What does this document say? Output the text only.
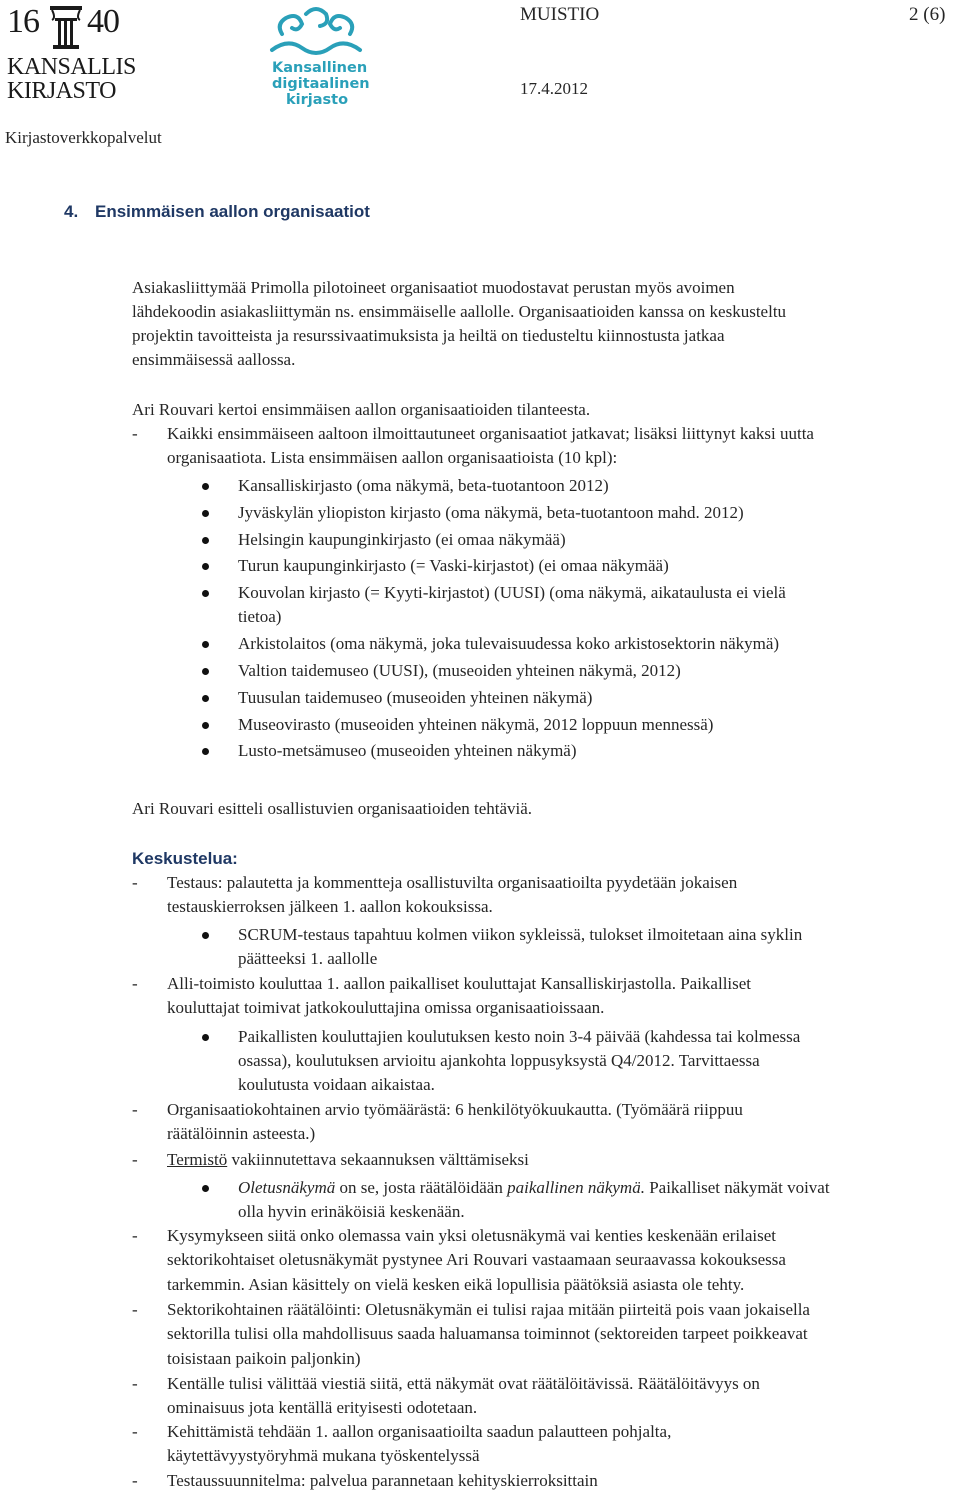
16 40
KANSALLIS
KIRJASTO
Kansallinen
digitaalinen
kirjasto
MUISTIO	2 (6)
17.4.2012
Kirjastoverkkopalvelut
4. Ensimmäisen aallon organisaatiot
Asiakasliittymää Primolla pilotoineet organisaatiot muodostavat perustan myös avoimen
lähdekoodin asiakasliittymän ns. ensimmäiselle aallolle. Organisaatioiden kanssa on keskusteltu
projektin tavoitteista ja resurssivaatimuksista ja heiltä on tiedusteltu kiinnostusta jatkaa
ensimmäisessä aallossa.
Ari Rouvari kertoi ensimmäisen aallon organisaatioiden tilanteesta.
- Kaikki ensimmäiseen aaltoon ilmoittautuneet organisaatiot jatkavat; lisäksi liittynyt kaksi uutta
organisaatiota. Lista ensimmäisen aallon organisaatioista (10 kpl):
Kansalliskirjasto (oma näkymä, beta-tuotantoon 2012)
Jyväskylän yliopiston kirjasto (oma näkymä, beta-tuotantoon mahd. 2012)
Helsingin kaupunginkirjasto (ei omaa näkymää)
Turun kaupunginkirjasto (= Vaski-kirjastot) (ei omaa näkymää)
Kouvolan kirjasto (= Kyyti-kirjastot) (UUSI) (oma näkymä, aikataulusta ei vielä
tietoa)
Arkistolaitos (oma näkymä, joka tulevaisuudessa koko arkistosektorin näkymä)
Valtion taidemuseo (UUSI), (museoiden yhteinen näkymä, 2012)
Tuusulan taidemuseo (museoiden yhteinen näkymä)
Museovirasto (museoiden yhteinen näkymä, 2012 loppuun mennessä)
Lusto-metsämuseo (museoiden yhteinen näkymä)
Ari Rouvari esitteli osallistuvien organisaatioiden tehtäviä.
Keskustelua:
- Testaus: palautetta ja kommentteja osallistuvilta organisaatioilta pyydetään jokaisen
testauskierroksen jälkeen 1. aallon kokouksissa.
SCRUM-testaus tapahtuu kolmen viikon sykleissä, tulokset ilmoitetaan aina syklin
päätteeksi 1. aallolle
- Alli-toimisto kouluttaa 1. aallon paikalliset kouluttajat Kansalliskirjastolla. Paikalliset
kouluttajat toimivat jatkokouluttajina omissa organisaatioissaan.
Paikallisten kouluttajien koulutuksen kesto noin 3-4 päivää (kahdessa tai kolmessa
osassa), koulutuksen arvioitu ajankohta loppusyksystä Q4/2012. Tarvittaessa
koulutusta voidaan aikaistaa.
- Organisaatiokohtainen arvio työmäärästä: 6 henkilötyökuukautta. (Työmäärä riippuu
räätälöinnin asteesta.)
- Termistö vakiinnutettava sekaannuksen välttämiseksi
Oletusnäkymä on se, josta räätälöidään paikallinen näkymä. Paikalliset näkymät voivat
olla hyvin erinäköisiä keskenään.
- Kysymykseen siitä onko olemassa vain yksi oletusnäkymä vai kenties keskenään erilaiset
sektorikohtaiset oletusnäkymät pystynee Ari Rouvari vastaamaan seuraavassa kokouksessa
tarkemmin. Asian käsittely on vielä kesken eikä lopullisia päätöksiä asiasta ole tehty.
- Sektorikohtainen räätälöinti: Oletusnäkymän ei tulisi rajaa mitään piirteitä pois vaan jokaisella
sektorilla tulisi olla mahdollisuus saada haluamansa toiminnot (sektoreiden tarpeet poikkeavat
toisistaan paikoin paljonkin)
- Kentälle tulisi välittää viestiä siitä, että näkymät ovat räätälöitävissä. Räätälöitävyys on
ominaisuus jota kentällä erityisesti odotetaan.
- Kehittämistä tehdään 1. aallon organisaatioilta saadun palautteen pohjalta,
käytettävyystyöryhmä mukana työskentelyssä
- Testaussuunnitelma: palvelua parannetaan kehityskierroksittain
